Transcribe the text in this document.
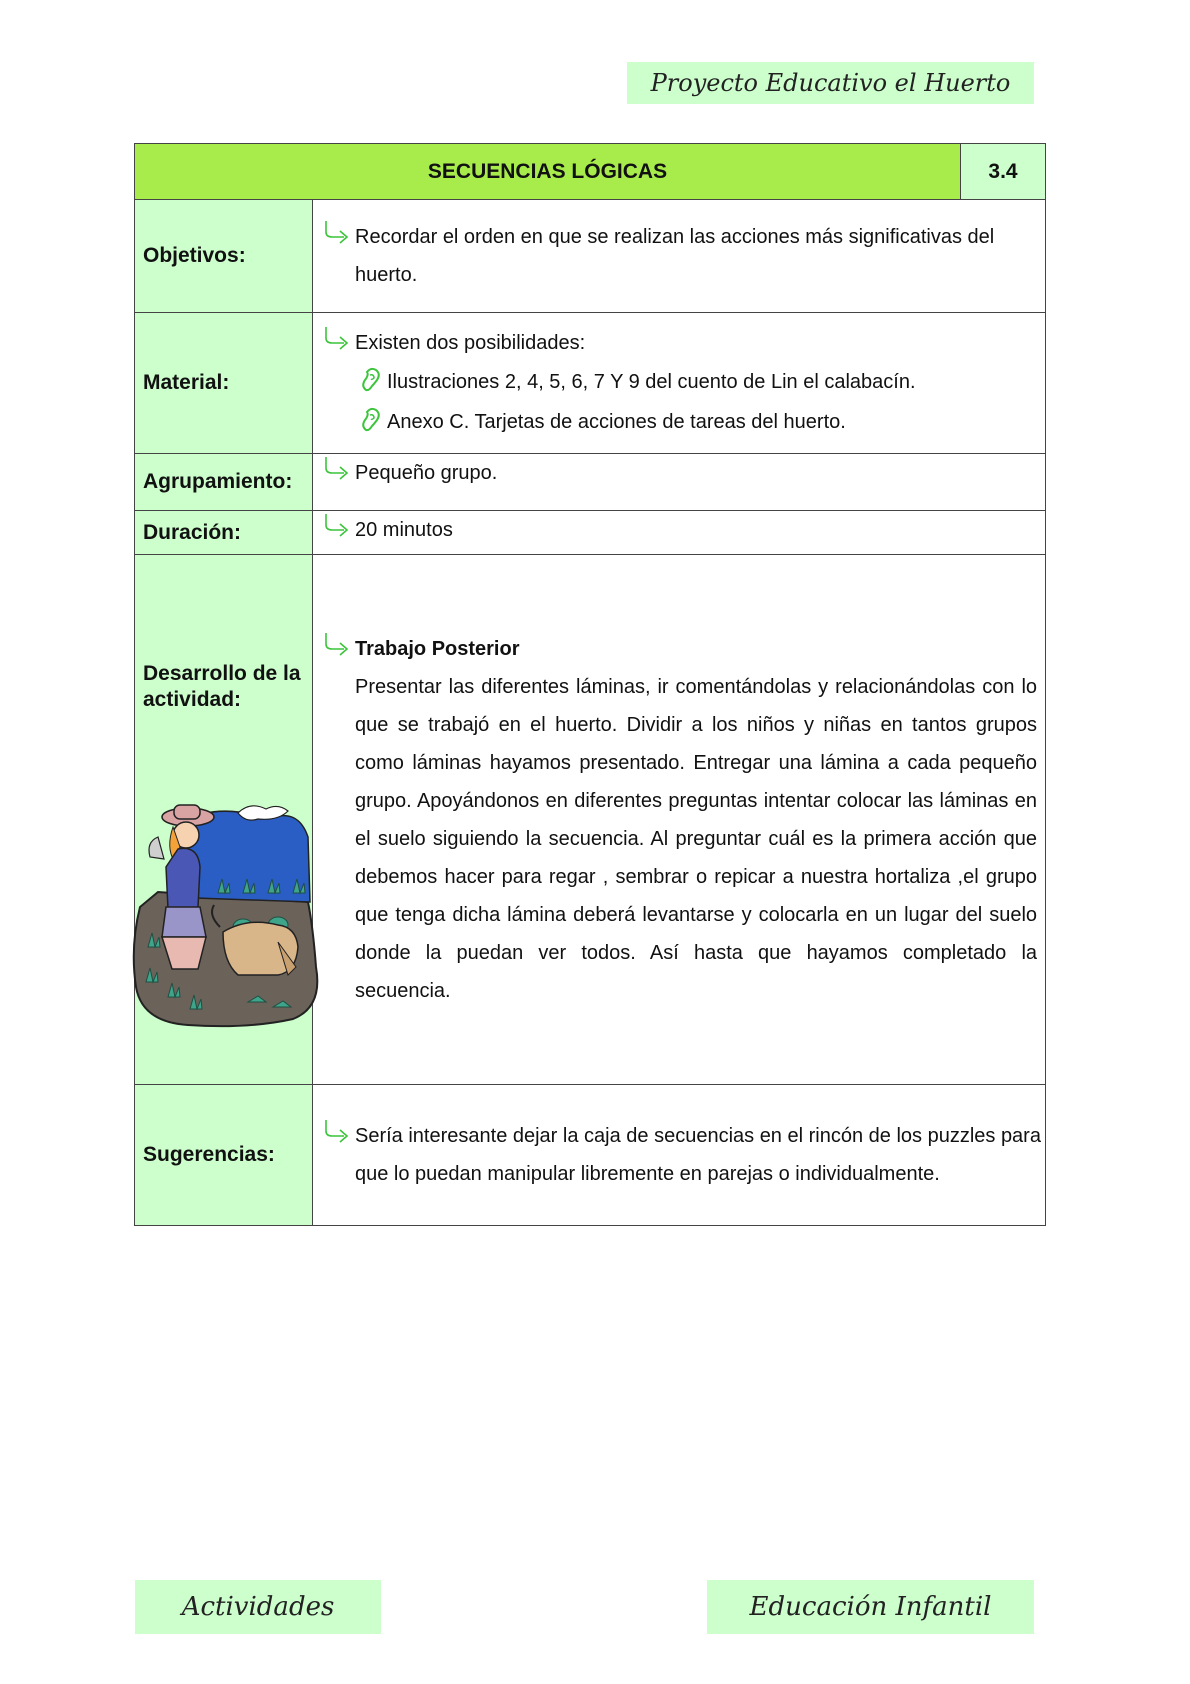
Proyecto Educativo el Huerto
SECUENCIAS LÓGICAS		3.4
Objetivos:	Recordar el orden en que se realizan las acciones más significativas del huerto.	

Material:	Existen dos posibilidades:
Ilustraciones 2, 4, 5, 6, 7 Y 9 del cuento de Lin el calabacín.
Anexo C. Tarjetas de acciones de tareas del huerto.	

Agrupamiento:	Pequeño grupo.	

Duración:	20 minutos	

Desarrollo de la actividad:	Trabajo Posterior
Presentar las diferentes láminas, ir comentándolas y relacionándolas con lo que se trabajó en el huerto. Dividir a los niños y niñas en tantos grupos como láminas hayamos presentado. Entregar una lámina a cada pequeño grupo. Apoyándonos en diferentes preguntas intentar colocar las láminas en el suelo siguiendo la secuencia. Al preguntar cuál es la primera acción que debemos hacer para regar , sembrar o repicar a nuestra hortaliza ,el grupo que tenga dicha lámina deberá levantarse y colocarla en un lugar del suelo donde la puedan ver todos. Así hasta que hayamos completado la secuencia.	

Sugerencias:	Sería interesante dejar la caja de secuencias en el rincón de los puzzles para que lo puedan manipular libremente en parejas o individualmente.	
Actividades	Educación Infantil
